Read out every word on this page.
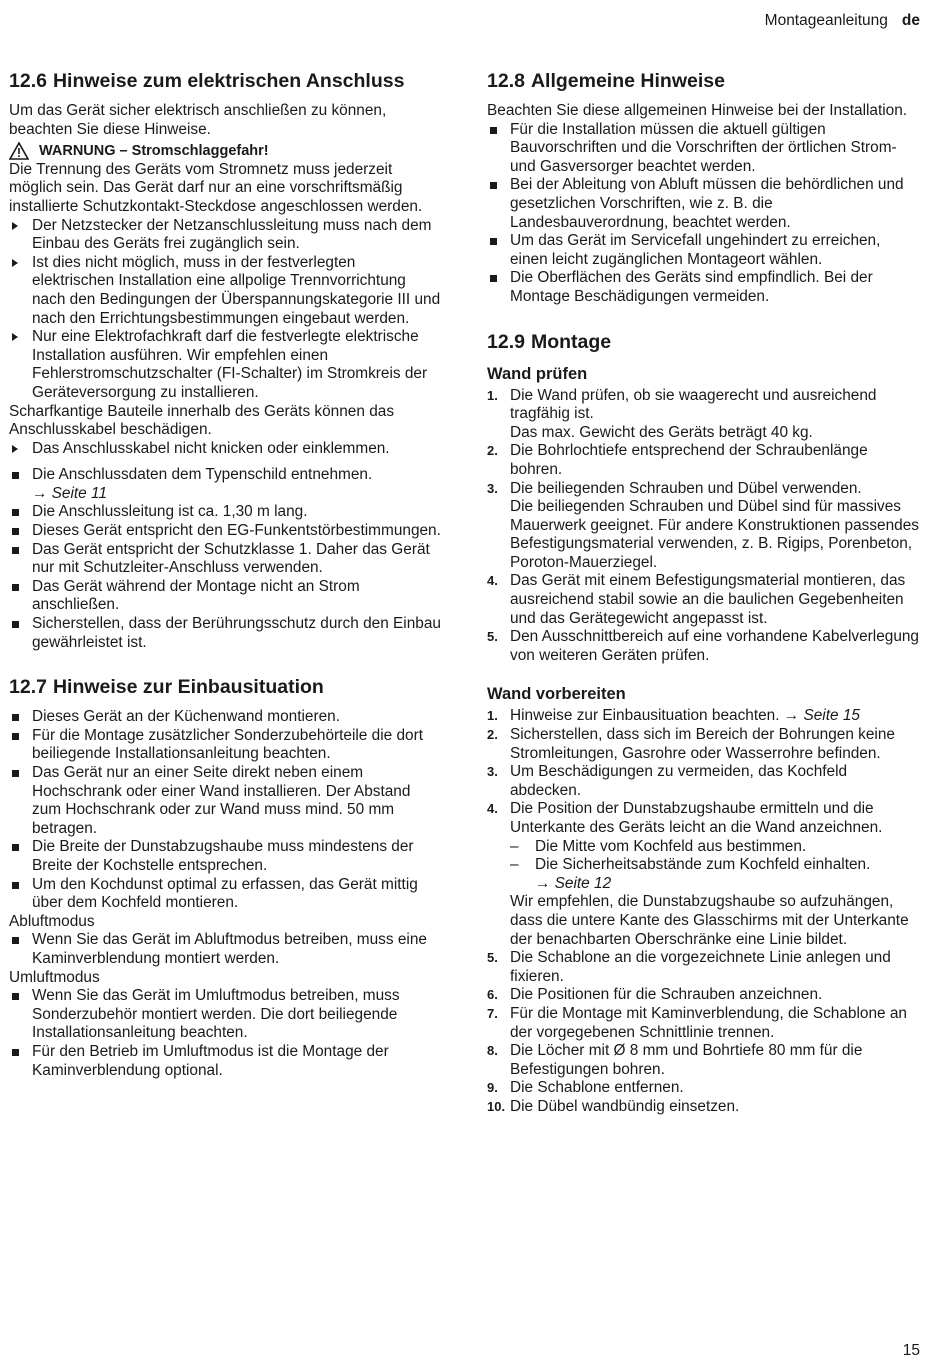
Montageanleitung de
12.6 Hinweise zum elektrischen Anschluss

Um das Gerät sicher elektrisch anschließen zu können, beachten Sie diese Hinweise.

WARNUNG – Stromschlaggefahr!

Die Trennung des Geräts vom Stromnetz muss jederzeit möglich sein. Das Gerät darf nur an eine vorschriftsmäßig installierte Schutzkontakt-Steckdose angeschlossen werden.

Der Netzstecker der Netzanschlussleitung muss nach dem Einbau des Geräts frei zugänglich sein.
Ist dies nicht möglich, muss in der festverlegten elektrischen Installation eine allpolige Trennvorrichtung nach den Bedingungen der Überspannungskategorie III und nach den Errichtungsbestimmungen eingebaut werden.
Nur eine Elektrofachkraft darf die festverlegte elektrische Installation ausführen. Wir empfehlen einen Fehlerstromschutzschalter (FI-Schalter) im Stromkreis der Geräteversorgung zu installieren.

Scharfkantige Bauteile innerhalb des Geräts können das Anschlusskabel beschädigen.

Das Anschlusskabel nicht knicken oder einklemmen.
Die Anschlussdaten dem Typenschild entnehmen.
→ Seite 11
Die Anschlussleitung ist ca. 1,30 m lang.
Dieses Gerät entspricht den EG-Funkentstörbestimmungen.
Das Gerät entspricht der Schutzklasse 1. Daher das Gerät nur mit Schutzleiter-Anschluss verwenden.
Das Gerät während der Montage nicht an Strom anschließen.
Sicherstellen, dass der Berührungsschutz durch den Einbau gewährleistet ist.
12.7 Hinweise zur Einbausituation
Dieses Gerät an der Küchenwand montieren.
Für die Montage zusätzlicher Sonderzubehörteile die dort beiliegende Installationsanleitung beachten.
Das Gerät nur an einer Seite direkt neben einem Hochschrank oder einer Wand installieren. Der Abstand zum Hochschrank oder zur Wand muss mind. 50 mm betragen.
Die Breite der Dunstabzugshaube muss mindestens der Breite der Kochstelle entsprechen.
Um den Kochdunst optimal zu erfassen, das Gerät mittig über dem Kochfeld montieren.

Abluftmodus

Wenn Sie das Gerät im Abluftmodus betreiben, muss eine Kaminverblendung montiert werden.

Umluftmodus

Wenn Sie das Gerät im Umluftmodus betreiben, muss Sonderzubehör montiert werden. Die dort beiliegende Installationsanleitung beachten.
Für den Betrieb im Umluftmodus ist die Montage der Kaminverblendung optional.
12.8 Allgemeine Hinweise

Beachten Sie diese allgemeinen Hinweise bei der Installation.

Für die Installation müssen die aktuell gültigen Bauvorschriften und die Vorschriften der örtlichen Strom- und Gasversorger beachtet werden.
Bei der Ableitung von Abluft müssen die behördlichen und gesetzlichen Vorschriften, wie z. B. die Landesbauverordnung, beachtet werden.
Um das Gerät im Servicefall ungehindert zu erreichen, einen leicht zugänglichen Montageort wählen.
Die Oberflächen des Geräts sind empfindlich. Bei der Montage Beschädigungen vermeiden.
12.9 Montage
Wand prüfen
1. Die Wand prüfen, ob sie waagerecht und ausreichend tragfähig ist.
Das max. Gewicht des Geräts beträgt 40 kg.
2. Die Bohrlochtiefe entsprechend der Schraubenlänge bohren.
3. Die beiliegenden Schrauben und Dübel verwenden.
Die beiliegenden Schrauben und Dübel sind für massives Mauerwerk geeignet. Für andere Konstruktionen passendes Befestigungsmaterial verwenden, z. B. Rigips, Porenbeton, Poroton-Mauerziegel.
4. Das Gerät mit einem Befestigungsmaterial montieren, das ausreichend stabil sowie an die baulichen Gegebenheiten und das Gerätegewicht angepasst ist.
5. Den Ausschnittbereich auf eine vorhandene Kabelverlegung von weiteren Geräten prüfen.
Wand vorbereiten
1. Hinweise zur Einbausituation beachten. → Seite 15
2. Sicherstellen, dass sich im Bereich der Bohrungen keine Stromleitungen, Gasrohre oder Wasserrohre befinden.
3. Um Beschädigungen zu vermeiden, das Kochfeld abdecken.
4. Die Position der Dunstabzugshaube ermitteln und die Unterkante des Geräts leicht an die Wand anzeichnen.
– Die Mitte vom Kochfeld aus bestimmen.
– Die Sicherheitsabstände zum Kochfeld einhalten.
→ Seite 12
Wir empfehlen, die Dunstabzugshaube so aufzuhängen, dass die untere Kante des Glasschirms mit der Unterkante der benachbarten Oberschränke eine Linie bildet.
5. Die Schablone an die vorgezeichnete Linie anlegen und fixieren.
6. Die Positionen für die Schrauben anzeichnen.
7. Für die Montage mit Kaminverblendung, die Schablone an der vorgegebenen Schnittlinie trennen.
8. Die Löcher mit Ø 8 mm und Bohrtiefe 80 mm für die Befestigungen bohren.
9. Die Schablone entfernen.
10. Die Dübel wandbündig einsetzen.
15
